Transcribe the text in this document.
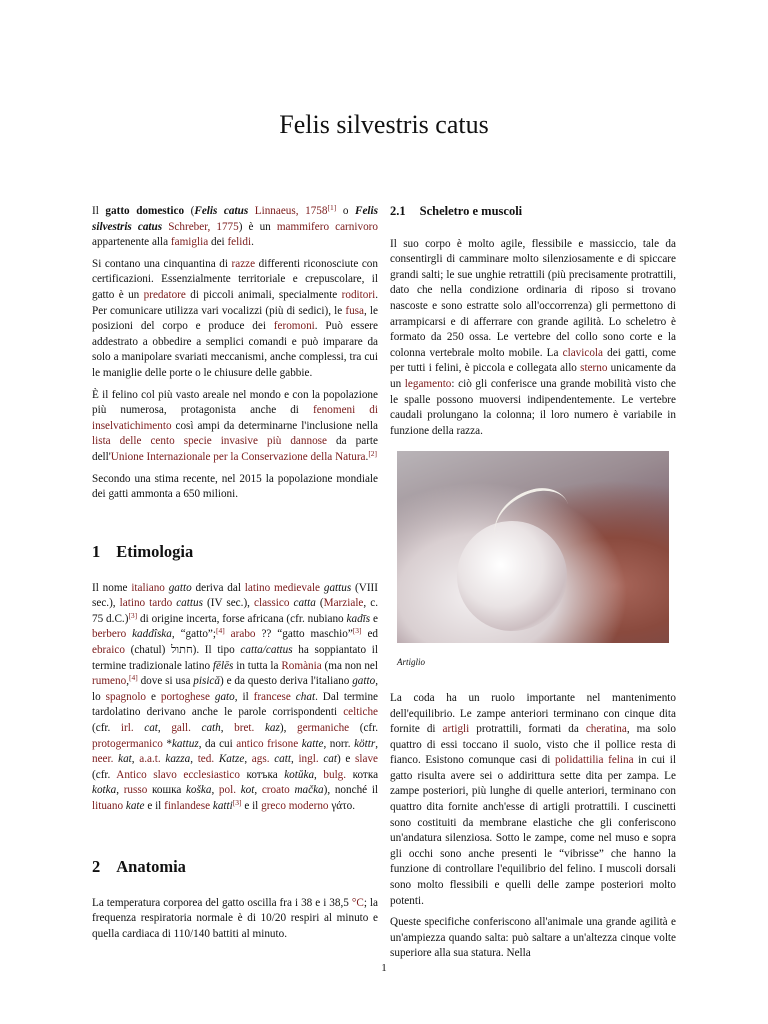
Felis silvestris catus

Il gatto domestico (Felis catus Linnaeus, 1758[1] o Felis silvestris catus Schreber, 1775) è un mammifero carnivoro appartenente alla famiglia dei felidi.

Si contano una cinquantina di razze differenti riconosciute con certificazioni. Essenzialmente territoriale e crepuscolare, il gatto è un predatore di piccoli animali, specialmente roditori. Per comunicare utilizza vari vocalizzi (più di sedici), le fusa, le posizioni del corpo e produce dei feromoni. Può essere addestrato a obbedire a semplici comandi e può imparare da solo a manipolare svariati meccanismi, anche complessi, tra cui le maniglie delle porte o le chiusure delle gabbie.

È il felino col più vasto areale nel mondo e con la popolazione più numerosa, protagonista anche di fenomeni di inselvatichimento così ampi da determinarne l'inclusione nella lista delle cento specie invasive più dannose da parte dell'Unione Internazionale per la Conservazione della Natura.[2]

Secondo una stima recente, nel 2015 la popolazione mondiale dei gatti ammonta a 650 milioni.

1 Etimologia

Il nome italiano gatto deriva dal latino medievale gattus (VIII sec.), latino tardo cattus (IV sec.), classico catta (Marziale, c. 75 d.C.)[3] di origine incerta, forse africana (cfr. nubiano kadīs e berbero kaddîska, “gatto”;[4] arabo ?? “gatto maschio”[3] ed ebraico (chatul) חתול). Il tipo catta/cattus ha soppiantato il termine tradizionale latino fēlēs in tutta la Romània (ma non nel rumeno,[4] dove si usa pisică) e da questo deriva l'italiano gatto, lo spagnolo e portoghese gato, il francese chat. Dal termine tardolatino derivano anche le parole corrispondenti celtiche (cfr. irl. cat, gall. cath, bret. kaz), germaniche (cfr. protogermanico *kattuz, da cui antico frisone katte, norr. köttr, neer. kat, a.a.t. kazza, ted. Katze, ags. catt, ingl. cat) e slave (cfr. Antico slavo ecclesiastico котъка kotŭka, bulg. котка kotka, russo кошка koška, pol. kot, croato mačka), nonché il lituano kate e il finlandese katti[3] e il greco moderno γάτο.

2 Anatomia

La temperatura corporea del gatto oscilla fra i 38 e i 38,5 °C; la frequenza respiratoria normale è di 10/20 respiri al minuto e quella cardiaca di 110/140 battiti al minuto.

2.1 Scheletro e muscoli

Il suo corpo è molto agile, flessibile e massiccio, tale da consentirgli di camminare molto silenziosamente e di spiccare grandi salti; le sue unghie retrattili (più precisamente protrattili, dato che nella condizione ordinaria di riposo si trovano nascoste e sono estratte solo all'occorrenza) gli permettono di arrampicarsi e di afferrare con grande agilità. Lo scheletro è formato da 250 ossa. Le vertebre del collo sono corte e la colonna vertebrale molto mobile. La clavicola dei gatti, come per tutti i felini, è piccola e collegata allo sterno unicamente da un legamento: ciò gli conferisce una grande mobilità visto che le spalle possono muoversi indipendentemente. Le vertebre caudali prolungano la colonna; il loro numero è variabile in funzione della razza.

Artiglio

La coda ha un ruolo importante nel mantenimento dell'equilibrio. Le zampe anteriori terminano con cinque dita fornite di artigli protrattili, formati da cheratina, ma solo quattro di essi toccano il suolo, visto che il pollice resta di fianco. Esistono comunque casi di polidattilia felina in cui il gatto risulta avere sei o addirittura sette dita per zampa. Le zampe posteriori, più lunghe di quelle anteriori, terminano con quattro dita fornite anch'esse di artigli protrattili. I cuscinetti sono costituiti da membrane elastiche che gli conferiscono un'andatura silenziosa. Sotto le zampe, come nel muso e sopra gli occhi sono anche presenti le “vibrisse” che hanno la funzione di controllare l'equilibrio del felino. I muscoli dorsali sono molto flessibili e quelli delle zampe posteriori molto potenti.

Queste specifiche conferiscono all'animale una grande agilità e un'ampiezza quando salta: può saltare a un'altezza cinque volte superiore alla sua statura. Nella

1
